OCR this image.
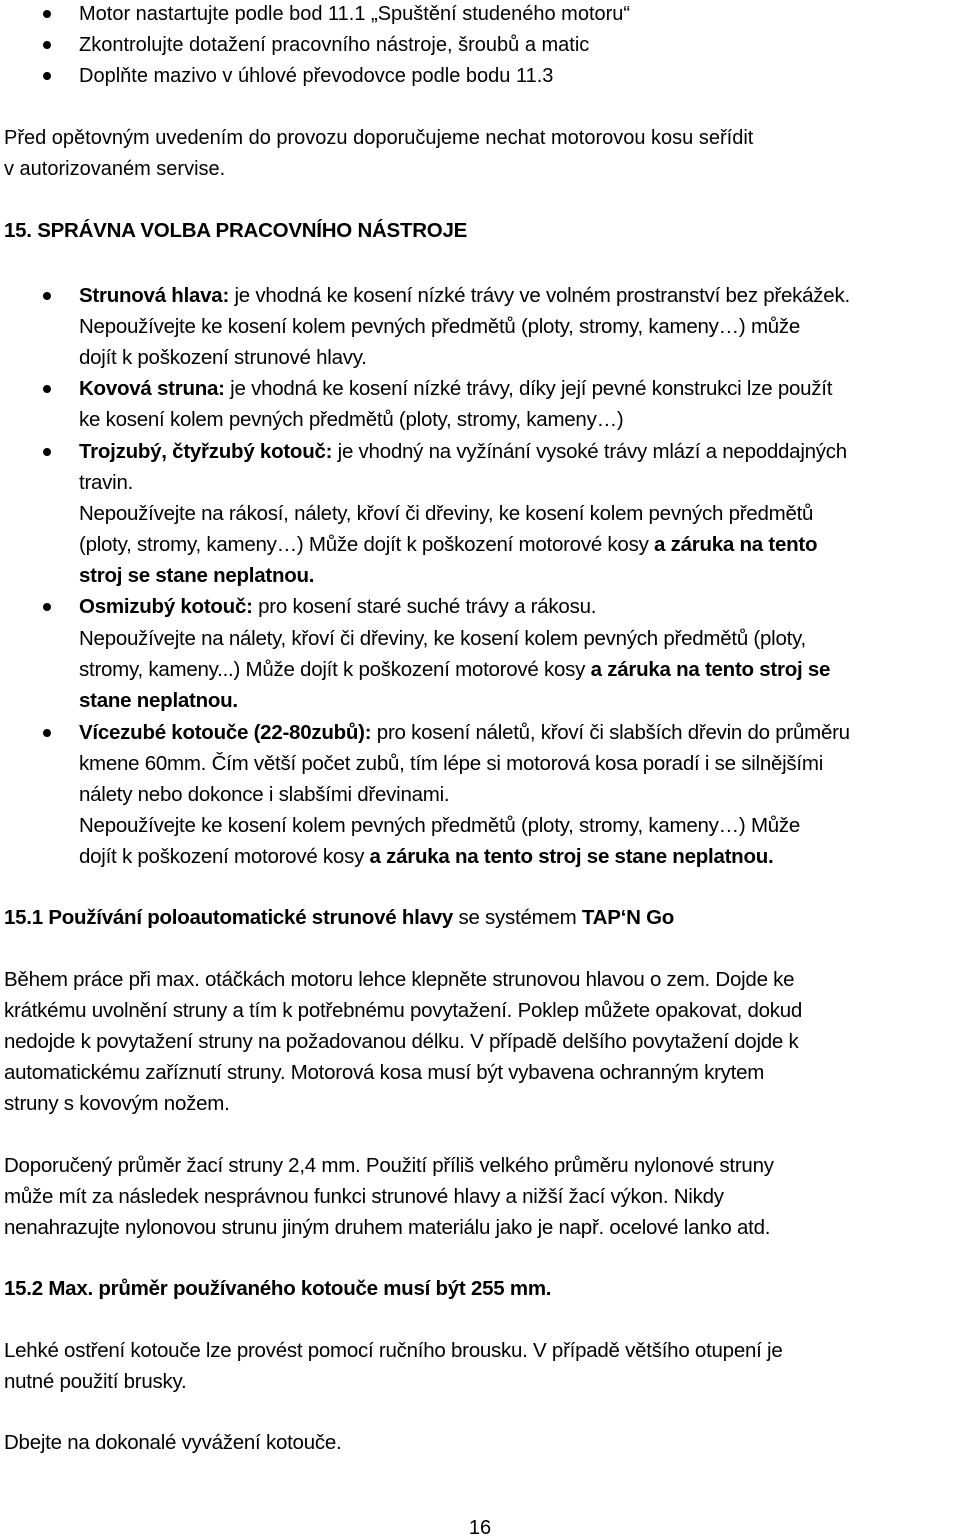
Motor nastartujte podle bod 11.1 „Spuštění studeného motoru“
Zkontrolujte dotažení pracovního nástroje, šroubů a matic
Doplňte mazivo v úhlové převodovce podle bodu 11.3
Před opětovným uvedením do provozu doporučujeme nechat motorovou kosu seřídit
v autorizovaném servise.
15. SPRÁVNA VOLBA PRACOVNÍHO NÁSTROJE
Strunová hlava: je vhodná ke kosení nízké trávy ve volném prostranství bez překážek.
Nepoužívejte ke kosení kolem pevných předmětů (ploty, stromy, kameny…) může
dojít k poškození strunové hlavy.
Kovová struna: je vhodná ke kosení nízké trávy, díky její pevné konstrukci lze použít
ke kosení kolem pevných předmětů (ploty, stromy, kameny…)
Trojzubý, čtyřzubý kotouč: je vhodný na vyžínání vysoké trávy mlází a nepoddajných
travin.
Nepoužívejte na rákosí, nálety, křoví či dřeviny, ke kosení kolem pevných předmětů
(ploty, stromy, kameny…) Může dojít k poškození motorové kosy a záruka na tento
stroj se stane neplatnou.
Osmizubý kotouč: pro kosení staré suché trávy a rákosu.
Nepoužívejte na nálety, křoví či dřeviny, ke kosení kolem pevných předmětů (ploty,
stromy, kameny...) Může dojít k poškození motorové kosy a záruka na tento stroj se
stane neplatnou.
Vícezubé kotouče (22-80zubů): pro kosení náletů, křoví či slabších dřevin do průměru
kmene 60mm. Čím větší počet zubů, tím lépe si motorová kosa poradí i se silnějšími
nálety nebo dokonce i slabšími dřevinami.
Nepoužívejte ke kosení kolem pevných předmětů (ploty, stromy, kameny…) Může
dojít k poškození motorové kosy a záruka na tento stroj se stane neplatnou.
15.1 Používání poloautomatické strunové hlavy se systémem TAP‘N Go
Během práce při max. otáčkách motoru lehce klepněte strunovou hlavou o zem. Dojde ke
krátkému uvolnění struny a tím k potřebnému povytažení. Poklep můžete opakovat, dokud
nedojde k povytažení struny na požadovanou délku. V případě delšího povytažení dojde k
automatickému zaříznutí struny. Motorová kosa musí být vybavena ochranným krytem
struny s kovovým nožem.
Doporučený průměr žací struny 2,4 mm. Použití příliš velkého průměru nylonové struny
může mít za následek nesprávnou funkci strunové hlavy a nižší žací výkon. Nikdy
nenahrazujte nylonovou strunu jiným druhem materiálu jako je např. ocelové lanko atd.
15.2 Max. průměr používaného kotouče musí být 255 mm.
Lehké ostření kotouče lze provést pomocí ručního brousku. V případě většího otupení je
nutné použití brusky.
Dbejte na dokonalé vyvážení kotouče.
16
